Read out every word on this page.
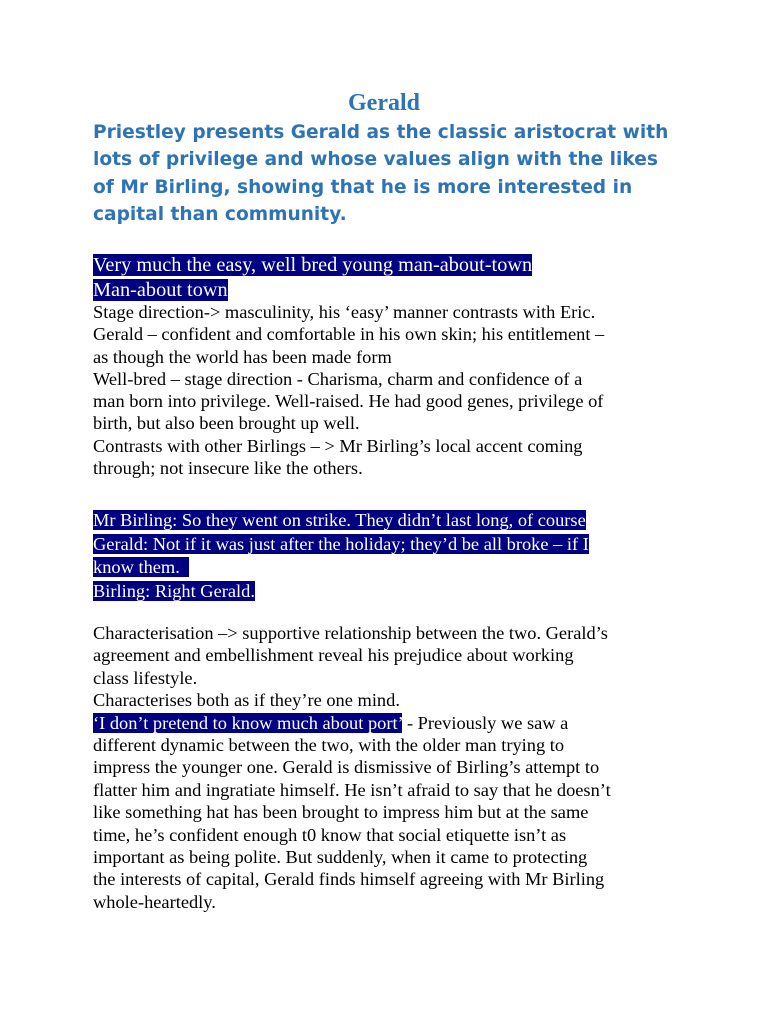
Gerald
Priestley presents Gerald as the classic aristocrat with lots of privilege and whose values align with the likes of Mr Birling, showing that he is more interested in capital than community.
Very much the easy, well bred young man-about-town
Man-about town
Stage direction-> masculinity, his ‘easy’ manner contrasts with Eric.
Gerald – confident and comfortable in his own skin; his entitlement –
as though the world has been made form
Well-bred – stage direction - Charisma, charm and confidence of a
man born into privilege. Well-raised. He had good genes, privilege of
birth, but also been brought up well.
Contrasts with other Birlings – > Mr Birling’s local accent coming
through; not insecure like the others.
Mr Birling: So they went on strike. They didn’t last long, of course
Gerald: Not if it was just after the holiday; they’d be all broke – if I
know them.
Birling: Right Gerald.
Characterisation –> supportive relationship between the two. Gerald’s
agreement and embellishment reveal his prejudice about working
class lifestyle.
Characterises both as if they’re one mind.
‘I don’t pretend to know much about port’ - Previously we saw a
different dynamic between the two, with the older man trying to
impress the younger one. Gerald is dismissive of Birling’s attempt to
flatter him and ingratiate himself. He isn’t afraid to say that he doesn’t
like something hat has been brought to impress him but at the same
time, he’s confident enough t0 know that social etiquette isn’t as
important as being polite. But suddenly, when it came to protecting
the interests of capital, Gerald finds himself agreeing with Mr Birling
whole-heartedly.
